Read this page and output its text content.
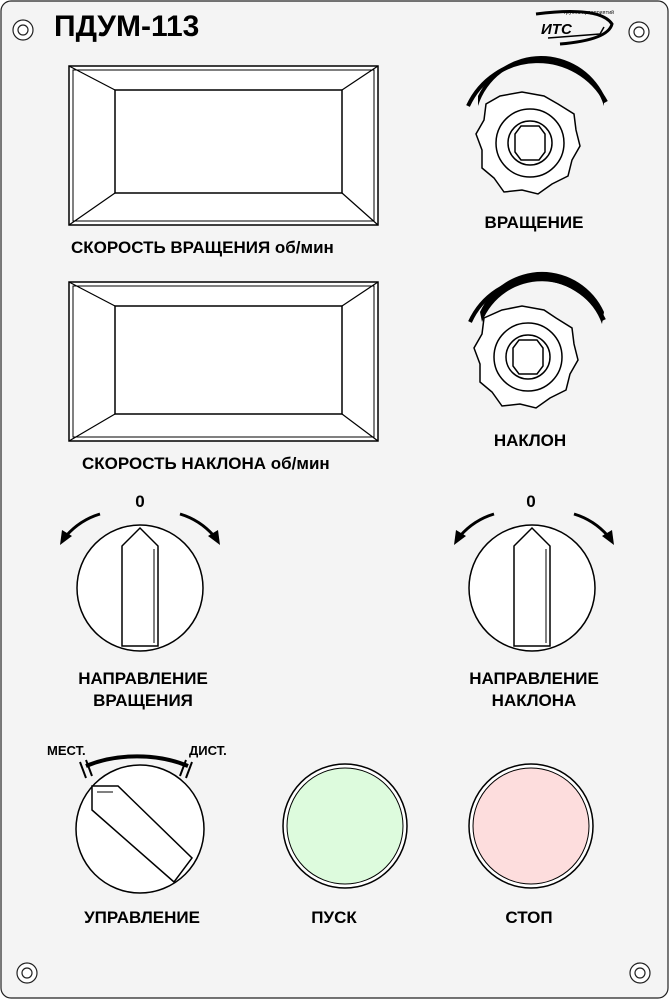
ПДУМ-113	ИТС
группа предприятий
СКОРОСТЬ ВРАЩЕНИЯ об/мин
СКОРОСТЬ НАКЛОНА об/мин
ВРАЩЕНИЕ
НАКЛОН
0	0
НАПРАВЛЕНИЕ
ВРАЩЕНИЯ
НАПРАВЛЕНИЕ
НАКЛОНА
МЕСТ.	ДИСТ.
УПРАВЛЕНИЕ	ПУСК	СТОП
